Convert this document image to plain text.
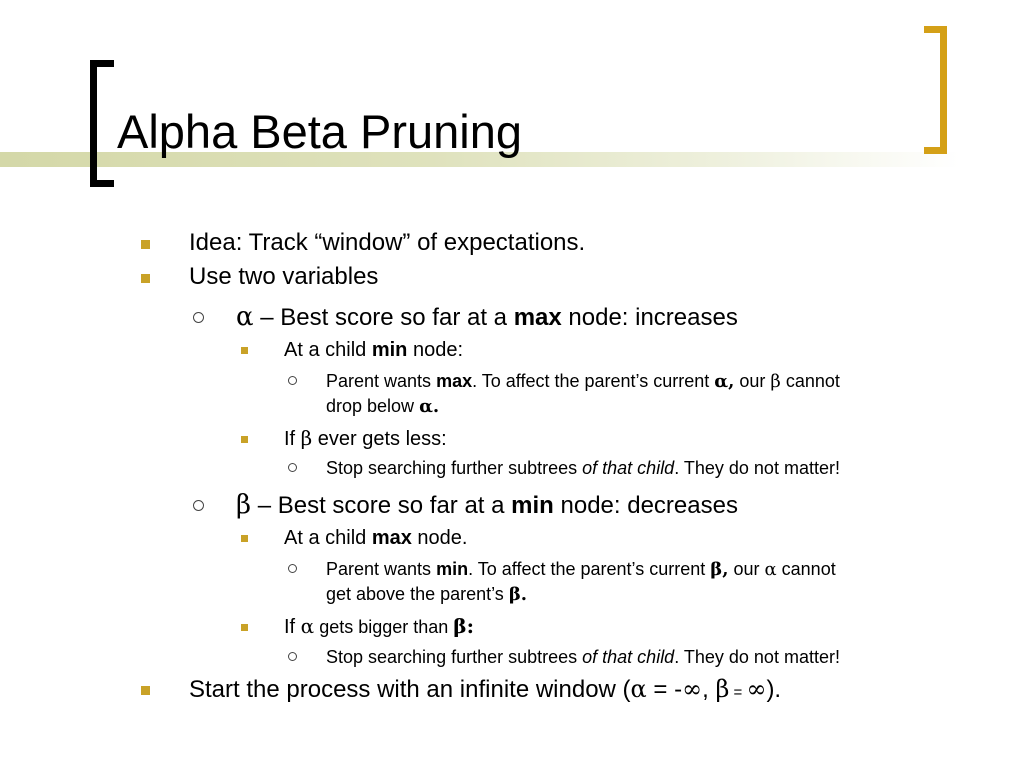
Alpha Beta Pruning
Idea: Track “window” of expectations.
Use two variables
α – Best score so far at a max node: increases
At a child min node:
Parent wants max. To affect the parent’s current α, our β cannot
drop below α.
If β ever gets less:
Stop searching further subtrees of that child. They do not matter!
β – Best score so far at a min node: decreases
At a child max node.
Parent wants min. To affect the parent’s current β, our α cannot
get above the parent’s β.
If α gets bigger than β:
Stop searching further subtrees of that child. They do not matter!
Start the process with an infinite window (α = -∞, β = ∞).
